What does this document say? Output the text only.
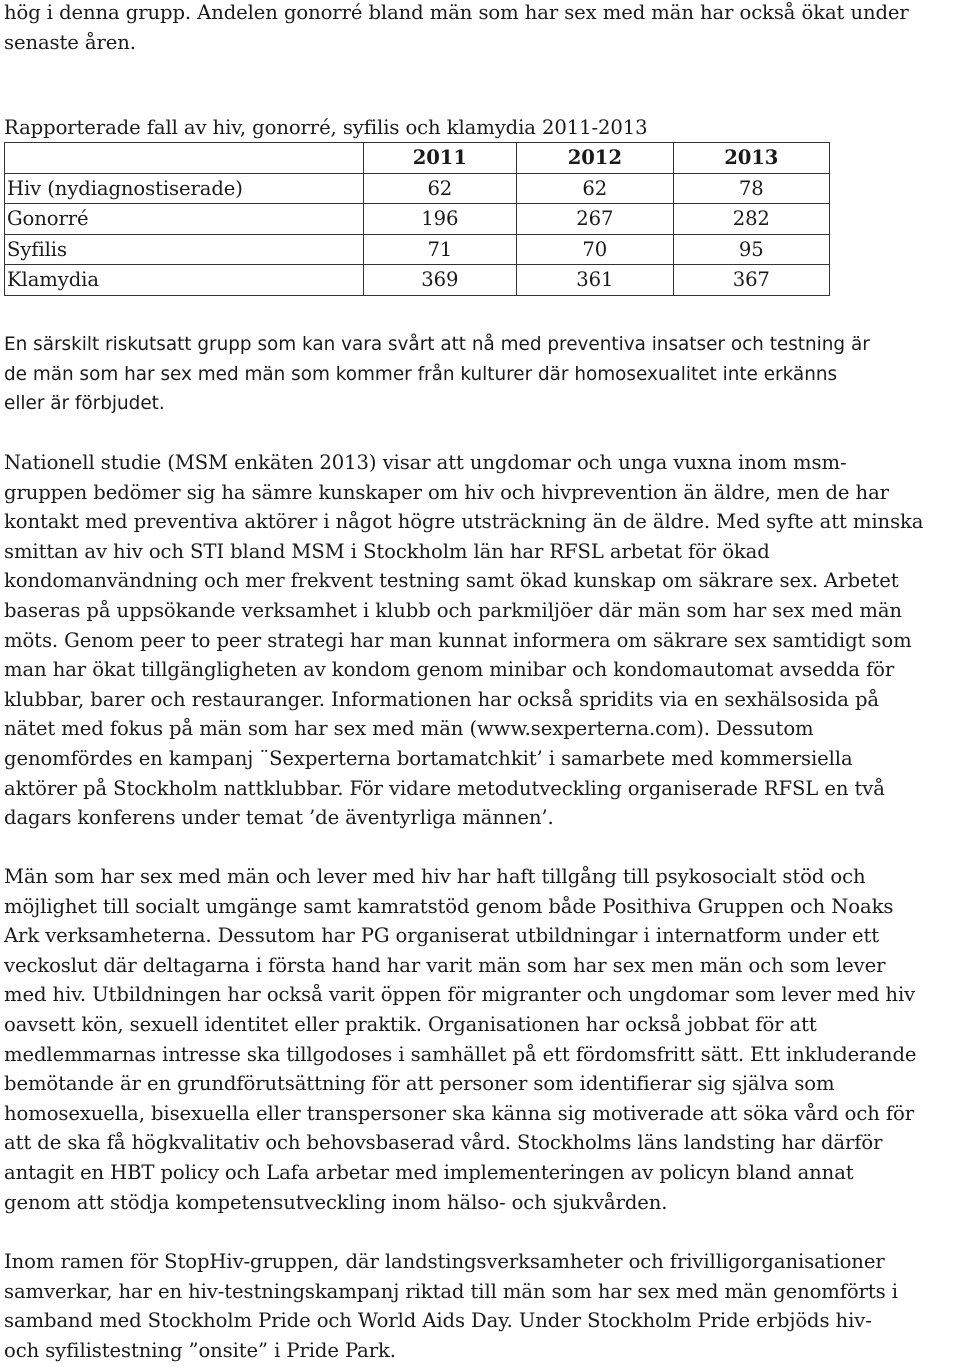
hög i denna grupp. Andelen gonorré bland män som har sex med män har också ökat under
senaste åren.

Rapporterade fall av hiv, gonorré, syfilis och klamydia 2011-2013
	2011	2012	2013
Hiv (nydiagnostiserade)	62	62	78
Gonorré	196	267	282
Syfilis	71	70	95
Klamydia	369	361	367

En särskilt riskutsatt grupp som kan vara svårt att nå med preventiva insatser och testning är
de män som har sex med män som kommer från kulturer där homosexualitet inte erkänns
eller är förbjudet.

Nationell studie (MSM enkäten 2013) visar att ungdomar och unga vuxna inom msm-
gruppen bedömer sig ha sämre kunskaper om hiv och hivprevention än äldre, men de har
kontakt med preventiva aktörer i något högre utsträckning än de äldre. Med syfte att minska
smittan av hiv och STI bland MSM i Stockholm län har RFSL arbetat för ökad
kondomanvändning och mer frekvent testning samt ökad kunskap om säkrare sex. Arbetet
baseras på uppsökande verksamhet i klubb och parkmiljöer där män som har sex med män
möts. Genom peer to peer strategi har man kunnat informera om säkrare sex samtidigt som
man har ökat tillgängligheten av kondom genom minibar och kondomautomat avsedda för
klubbar, barer och restauranger. Informationen har också spridits via en sexhälsosida på
nätet med fokus på män som har sex med män (www.sexperterna.com). Dessutom
genomfördes en kampanj ¨Sexperterna bortamatchkit’ i samarbete med kommersiella
aktörer på Stockholm nattklubbar. För vidare metodutveckling organiserade RFSL en två
dagars konferens under temat ’de äventyrliga männen’.

Män som har sex med män och lever med hiv har haft tillgång till psykosocialt stöd och
möjlighet till socialt umgänge samt kamratstöd genom både Posithiva Gruppen och Noaks
Ark verksamheterna. Dessutom har PG organiserat utbildningar i internatform under ett
veckoslut där deltagarna i första hand har varit män som har sex men män och som lever
med hiv. Utbildningen har också varit öppen för migranter och ungdomar som lever med hiv
oavsett kön, sexuell identitet eller praktik. Organisationen har också jobbat för att
medlemmarnas intresse ska tillgodoses i samhället på ett fördomsfritt sätt. Ett inkluderande
bemötande är en grundförutsättning för att personer som identifierar sig själva som
homosexuella, bisexuella eller transpersoner ska känna sig motiverade att söka vård och för
att de ska få högkvalitativ och behovsbaserad vård. Stockholms läns landsting har därför
antagit en HBT policy och Lafa arbetar med implementeringen av policyn bland annat
genom att stödja kompetensutveckling inom hälso- och sjukvården.

Inom ramen för StopHiv-gruppen, där landstingsverksamheter och frivilligorganisationer
samverkar, har en hiv-testningskampanj riktad till män som har sex med män genomförts i
samband med Stockholm Pride och World Aids Day. Under Stockholm Pride erbjöds hiv-
och syfilistestning ”onsite” i Pride Park.
